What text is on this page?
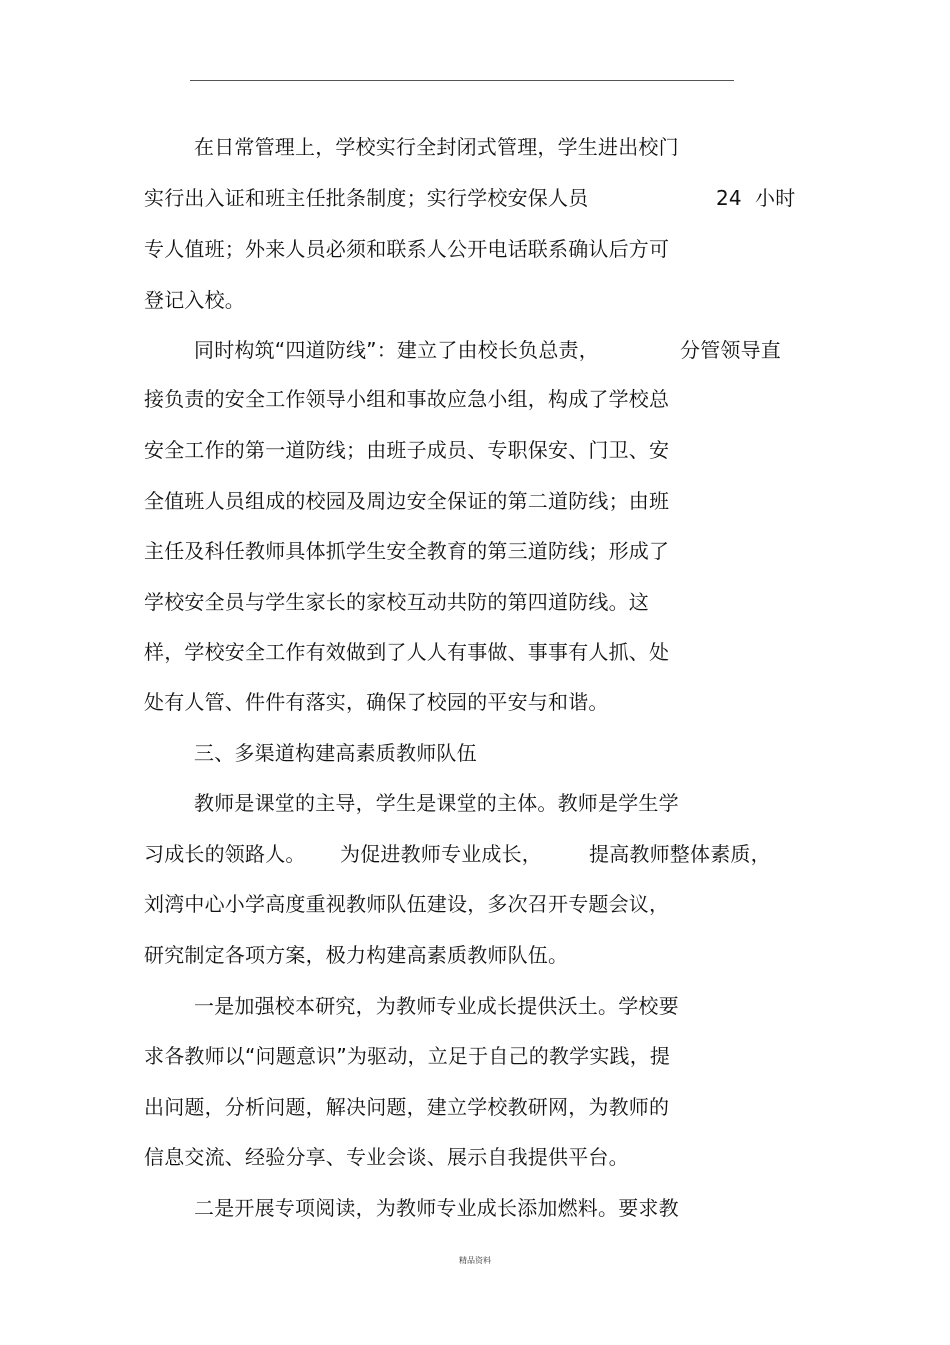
在日常管理上，学校实行全封闭式管理，学生进出校门
实行出入证和班主任批条制度；实行学校安保人员	24 小时
专人值班；外来人员必须和联系人公开电话联系确认后方可
登记入校。
同时构筑“四道防线”：建立了由校长负总责，	分管领导直
接负责的安全工作领导小组和事故应急小组，构成了学校总
安全工作的第一道防线；由班子成员、专职保安、门卫、安
全值班人员组成的校园及周边安全保证的第二道防线；由班
主任及科任教师具体抓学生安全教育的第三道防线；形成了
学校安全员与学生家长的家校互动共防的第四道防线。这
样，学校安全工作有效做到了人人有事做、事事有人抓、处
处有人管、件件有落实，确保了校园的平安与和谐。
三、多渠道构建高素质教师队伍
教师是课堂的主导，学生是课堂的主体。教师是学生学
习成长的领路人。 为促进教师专业成长， 提高教师整体素质，
刘湾中心小学高度重视教师队伍建设，多次召开专题会议，
研究制定各项方案，极力构建高素质教师队伍。
一是加强校本研究，为教师专业成长提供沃土。学校要
求各教师以“问题意识”为驱动，立足于自己的教学实践，提
出问题，分析问题，解决问题，建立学校教研网，为教师的
信息交流、经验分享、专业会谈、展示自我提供平台。
二是开展专项阅读，为教师专业成长添加燃料。要求教
精品资料
